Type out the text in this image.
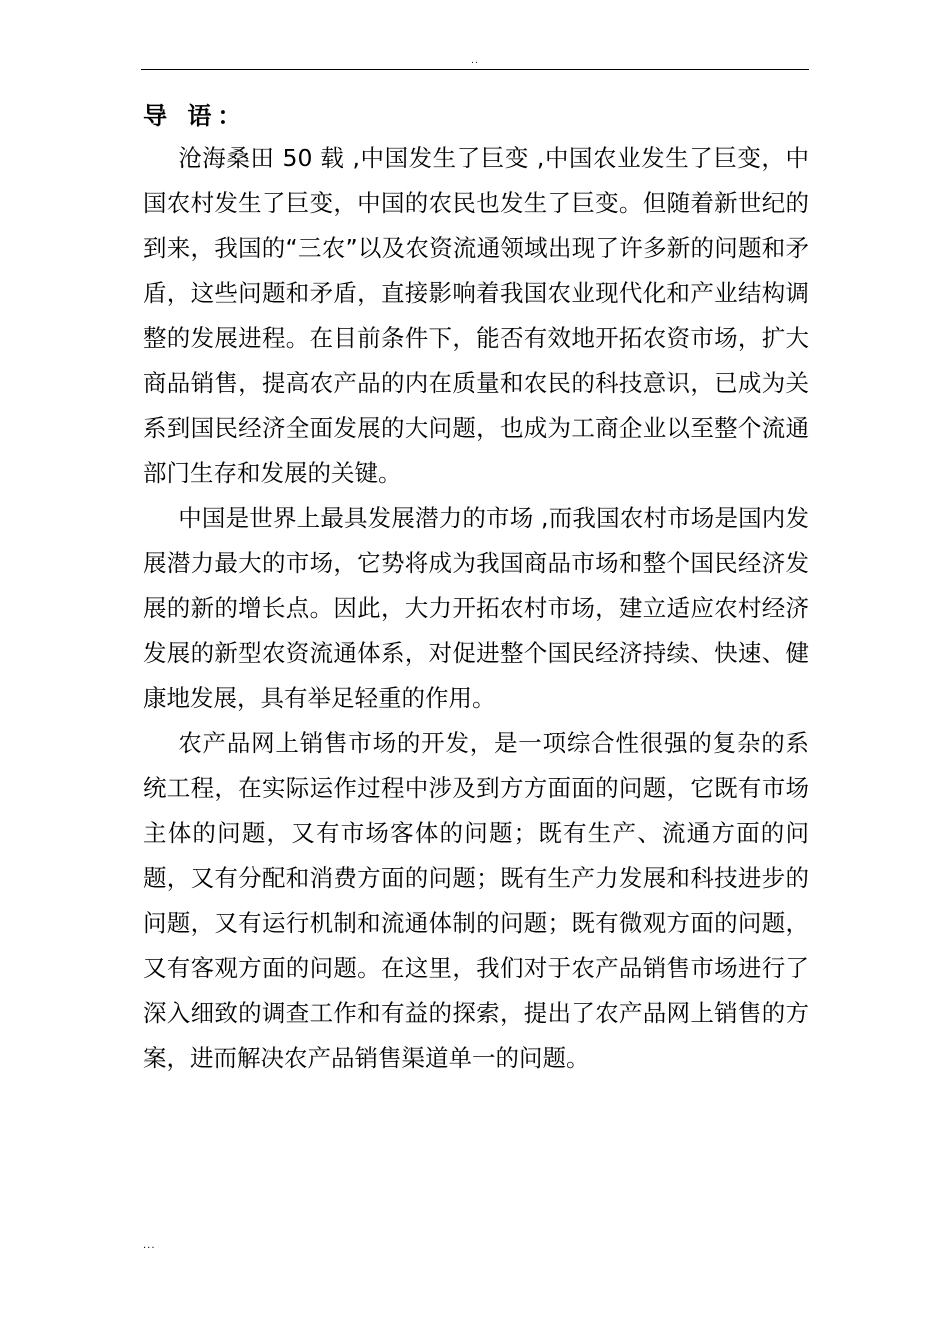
..
导 语：

沧海桑田 50 载 ,中国发生了巨变 ,中国农业发生了巨变，中国农村发生了巨变，中国的农民也发生了巨变。但随着新世纪的到来，我国的“三农”以及农资流通领域出现了许多新的问题和矛盾，这些问题和矛盾，直接影响着我国农业现代化和产业结构调整的发展进程。在目前条件下，能否有效地开拓农资市场，扩大商品销售，提高农产品的内在质量和农民的科技意识，已成为关系到国民经济全面发展的大问题，也成为工商企业以至整个流通部门生存和发展的关键。

中国是世界上最具发展潜力的市场 ,而我国农村市场是国内发展潜力最大的市场，它势将成为我国商品市场和整个国民经济发展的新的增长点。因此，大力开拓农村市场，建立适应农村经济发展的新型农资流通体系，对促进整个国民经济持续、快速、健康地发展，具有举足轻重的作用。

农产品网上销售市场的开发，是一项综合性很强的复杂的系统工程，在实际运作过程中涉及到方方面面的问题，它既有市场主体的问题，又有市场客体的问题；既有生产、流通方面的问题，又有分配和消费方面的问题；既有生产力发展和科技进步的问题，又有运行机制和流通体制的问题；既有微观方面的问题，又有客观方面的问题。在这里，我们对于农产品销售市场进行了深入细致的调查工作和有益的探索，提出了农产品网上销售的方案，进而解决农产品销售渠道单一的问题。

...
